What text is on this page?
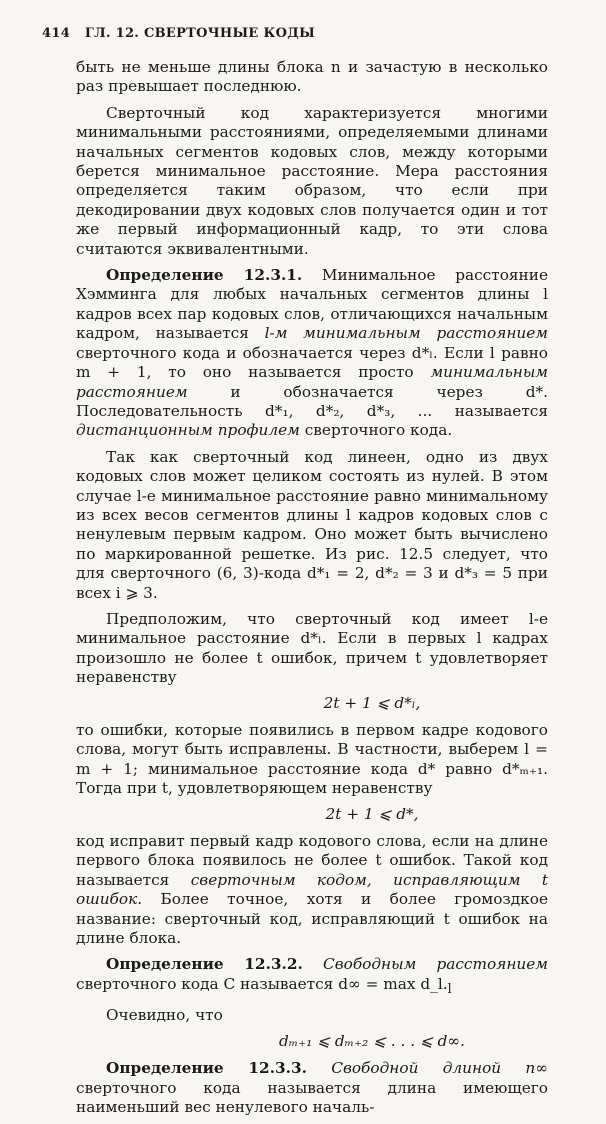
414 ГЛ. 12. СВЕРТОЧНЫЕ КОДЫ

быть не меньше длины блока n и зачастую в несколько раз превышает последнюю.

Сверточный код характеризуется многими минимальными расстояниями, определяемыми длинами начальных сегментов кодовых слов, между которыми берется минимальное расстояние. Мера расстояния определяется таким образом, что если при декодировании двух кодовых слов получается один и тот же первый информационный кадр, то эти слова считаются эквивалентными.

Определение 12.3.1. Минимальное расстояние Хэмминга для любых начальных сегментов длины l кадров всех пар кодовых слов, отличающихся начальным кадром, называется l-м минимальным расстоянием сверточного кода и обозначается через d*ₗ. Если l равно m + 1, то оно называется просто минимальным расстоянием и обозначается через d*. Последовательность d*₁, d*₂, d*₃, ... называется дистанционным профилем сверточного кода.

Так как сверточный код линеен, одно из двух кодовых слов может целиком состоять из нулей. В этом случае l-е минимальное расстояние равно минимальному из всех весов сегментов длины l кадров кодовых слов с ненулевым первым кадром. Оно может быть вычислено по маркированной решетке. Из рис. 12.5 следует, что для сверточного (6, 3)-кода d*₁ = 2, d*₂ = 3 и d*₃ = 5 при всех i ⩾ 3.

Предположим, что сверточный код имеет l-е минимальное расстояние d*ₗ. Если в первых l кадрах произошло не более t ошибок, причем t удовлетворяет неравенству

2t + 1 ⩽ d*ₗ,

то ошибки, которые появились в первом кадре кодового слова, могут быть исправлены. В частности, выберем l = m + 1; минимальное расстояние кода d* равно d*ₘ₊₁. Тогда при t, удовлетворяющем неравенству

2t + 1 ⩽ d*,

код исправит первый кадр кодового слова, если на длине первого блока появилось не более t ошибок. Такой код называется сверточным кодом, исправляющим t ошибок. Более точное, хотя и более громоздкое название: сверточный код, исправляющий t ошибок на длине блока.

Определение 12.3.2. Свободным расстоянием сверточного кода C называется $d\infty = \max d\_l._l$

Очевидно, что

dₘ₊₁ ⩽ dₘ₊₂ ⩽ . . . ⩽ d∞.

Определение 12.3.3. Свободной длиной n∞ сверточного кода называется длина имеющего наименьший вес ненулевого началь-
